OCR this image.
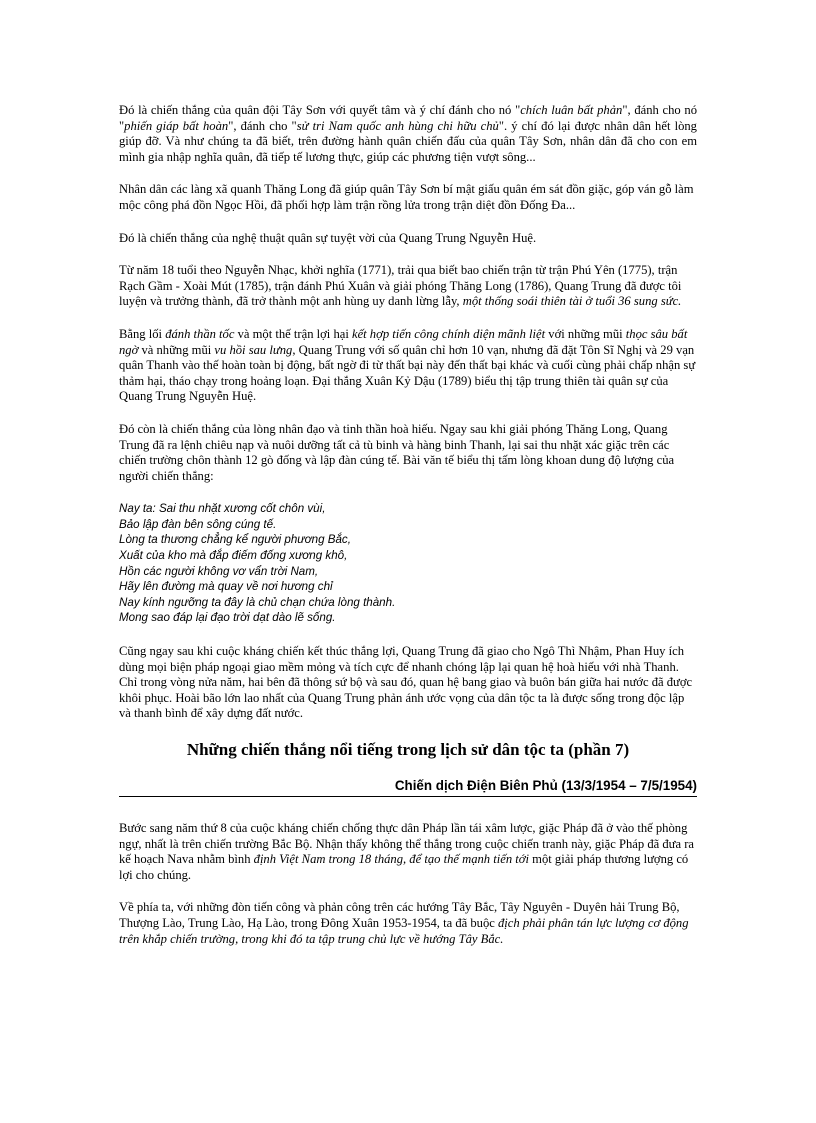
Đó là chiến thắng của quân đội Tây Sơn với quyết tâm và ý chí đánh cho nó "chích luân bất phản", đánh cho nó "phiến giáp bất hoàn", đánh cho "sử tri Nam quốc anh hùng chi hữu chủ". ý chí đó lại được nhân dân hết lòng giúp đỡ. Và như chúng ta đã biết, trên đường hành quân chiến đấu của quân Tây Sơn, nhân dân đã cho con em mình gia nhập nghĩa quân, đã tiếp tế lương thực, giúp các phương tiện vượt sông...

Nhân dân các làng xã quanh Thăng Long đã giúp quân Tây Sơn bí mật giấu quân ém sát đồn giặc, góp ván gỗ làm mộc công phá đồn Ngọc Hồi, đã phối hợp làm trận rồng lửa trong trận diệt đồn Đống Đa...

Đó là chiến thắng của nghệ thuật quân sự tuyệt vời của Quang Trung Nguyễn Huệ.

Từ năm 18 tuổi theo Nguyễn Nhạc, khởi nghĩa (1771), trải qua biết bao chiến trận từ trận Phú Yên (1775), trận Rạch Gầm - Xoài Mút (1785), trận đánh Phú Xuân và giải phóng Thăng Long (1786), Quang Trung đã được tôi luyện và trưởng thành, đã trở thành một anh hùng uy danh lừng lẫy, một thống soái thiên tài ở tuổi 36 sung sức.

Bằng lối đánh thần tốc và một thế trận lợi hại kết hợp tiến công chính diện mãnh liệt với những mũi thọc sâu bất ngờ và những mũi vu hồi sau lưng, Quang Trung với số quân chỉ hơn 10 vạn, nhưng đã đặt Tôn Sĩ Nghị và 29 vạn quân Thanh vào thế hoàn toàn bị động, bất ngờ đi từ thất bại này đến thất bại khác và cuối cùng phải chấp nhận sự thảm hại, tháo chạy trong hoảng loạn. Đại thắng Xuân Kỷ Dậu (1789) biểu thị tập trung thiên tài quân sự của Quang Trung Nguyễn Huệ.

Đó còn là chiến thắng của lòng nhân đạo và tinh thần hoà hiếu. Ngay sau khi giải phóng Thăng Long, Quang Trung đã ra lệnh chiêu nạp và nuôi dưỡng tất cả tù binh và hàng binh Thanh, lại sai thu nhặt xác giặc trên các chiến trường chôn thành 12 gò đống và lập đàn cúng tế. Bài văn tế biểu thị tấm lòng khoan dung độ lượng của người chiến thắng:

Nay ta: Sai thu nhặt xương cốt chôn vùi,
Bảo lập đàn bên sông cúng tế.
Lòng ta thương chẳng kể người phương Bắc,
Xuất của kho mà đắp điếm đống xương khô,
Hồn các người không vơ vẩn trời Nam,
Hãy lên đường mà quay về nơi hương chỉ
Nay kính ngưỡng ta đây là chủ chạn chứa lòng thành.
Mong sao đáp lại đạo trời dạt dào lẽ sống.

Cũng ngay sau khi cuộc kháng chiến kết thúc thắng lợi, Quang Trung đã giao cho Ngô Thì Nhậm, Phan Huy ích dùng mọi biện pháp ngoại giao mềm mỏng và tích cực để nhanh chóng lập lại quan hệ hoà hiếu với nhà Thanh. Chỉ trong vòng nửa năm, hai bên đã thông sứ bộ và sau đó, quan hệ bang giao và buôn bán giữa hai nước đã được khôi phục. Hoài bão lớn lao nhất của Quang Trung phản ánh ước vọng của dân tộc ta là được sống trong độc lập và thanh bình để xây dựng đất nước.

Những chiến thắng nổi tiếng trong lịch sử dân tộc ta (phần 7)
Chiến dịch Điện Biên Phủ (13/3/1954 – 7/5/1954)

Bước sang năm thứ 8 của cuộc kháng chiến chống thực dân Pháp lần tái xâm lược, giặc Pháp đã ở vào thế phòng ngự, nhất là trên chiến trường Bắc Bộ. Nhận thấy không thể thắng trong cuộc chiến tranh này, giặc Pháp đã đưa ra kế hoạch Nava nhằm bình định Việt Nam trong 18 tháng, để tạo thế mạnh tiến tới một giải pháp thương lượng có lợi cho chúng.

Về phía ta, với những đòn tiến công và phản công trên các hướng Tây Bắc, Tây Nguyên - Duyên hải Trung Bộ, Thượng Lào, Trung Lào, Hạ Lào, trong Đông Xuân 1953-1954, ta đã buộc địch phải phân tán lực lượng cơ động trên khắp chiến trường, trong khi đó ta tập trung chủ lực về hướng Tây Bắc.
